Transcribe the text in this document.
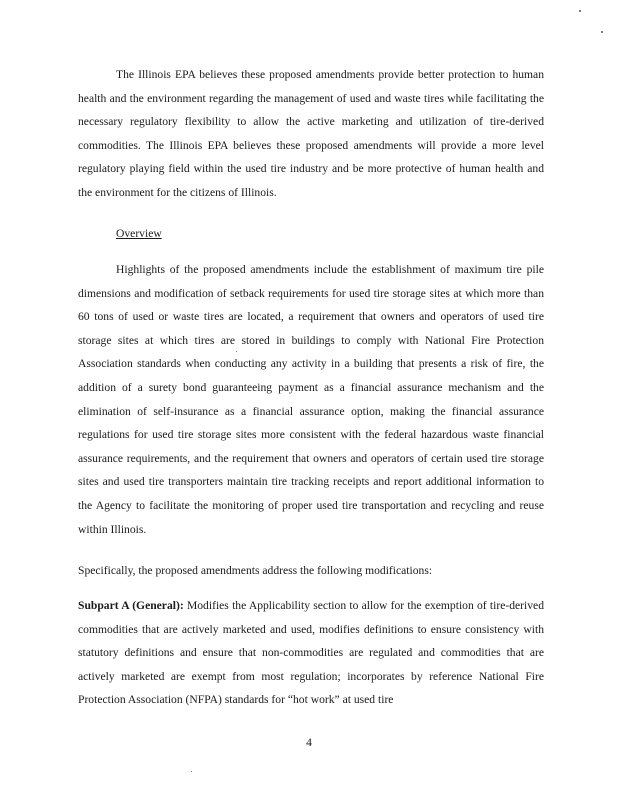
The Illinois EPA believes these proposed amendments provide better protection to human health and the environment regarding the management of used and waste tires while facilitating the necessary regulatory flexibility to allow the active marketing and utilization of tire-derived commodities. The Illinois EPA believes these proposed amendments will provide a more level regulatory playing field within the used tire industry and be more protective of human health and the environment for the citizens of Illinois.

Overview

Highlights of the proposed amendments include the establishment of maximum tire pile dimensions and modification of setback requirements for used tire storage sites at which more than 60 tons of used or waste tires are located, a requirement that owners and operators of used tire storage sites at which tires are stored in buildings to comply with National Fire Protection Association standards when conducting any activity in a building that presents a risk of fire, the addition of a surety bond guaranteeing payment as a financial assurance mechanism and the elimination of self-insurance as a financial assurance option, making the financial assurance regulations for used tire storage sites more consistent with the federal hazardous waste financial assurance requirements, and the requirement that owners and operators of certain used tire storage sites and used tire transporters maintain tire tracking receipts and report additional information to the Agency to facilitate the monitoring of proper used tire transportation and recycling and reuse within Illinois.

Specifically, the proposed amendments address the following modifications:

Subpart A (General): Modifies the Applicability section to allow for the exemption of tire-derived commodities that are actively marketed and used, modifies definitions to ensure consistency with statutory definitions and ensure that non-commodities are regulated and commodities that are actively marketed are exempt from most regulation; incorporates by reference National Fire Protection Association (NFPA) standards for “hot work” at used tire

4
